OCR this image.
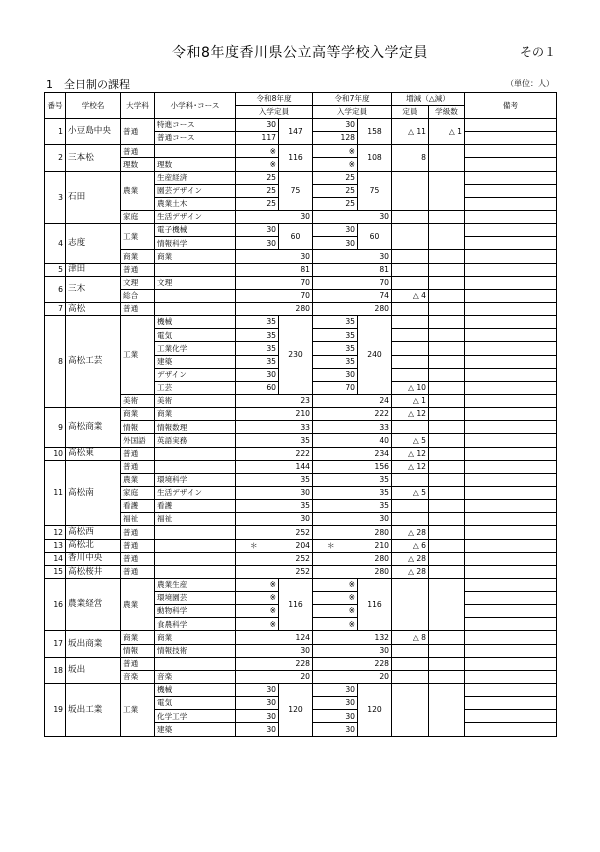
令和8年度香川県公立高等学校入学定員	その１
1　全日制の課程	（単位：人）
番号	学校名	大学科	小学科･コース	令和8年度		令和7年度		増減（△減）		備考
				入学定員		入学定員		定員	学級数	
1	小豆島中央	普通	特進コース	30	147	30	158	△ 11	△ 1	
			普通コース	117		128				
2	三本松	普通		※	116	※	108	8		
		理数	理数	※		※				
3	石田	農業	生産経済	25	75	25	75			
			園芸デザイン	25		25				
			農業土木	25		25				
		家庭	生活デザイン		30		30			
4	志度	工業	電子機械	30	60	30	60			
			情報科学	30		30				
		商業	商業		30		30			
5	津田	普通			81		81			
6	三木	文理	文理		70		70			
		総合			70		74	△ 4		
7	高松	普通			280		280			
8	高松工芸	工業	機械	35	230	35	240			
			電気	35		35				
			工業化学	35		35				
			建築	35		35				
			デザイン	30		30				
			工芸	60		70		△ 10		
		美術	美術		23		24	△ 1		
9	高松商業	商業	商業		210		222	△ 12		
		情報	情報数理		33		33			
		外国語	英語実務		35		40	△ 5		
10	高松東	普通			222		234	△ 12		
11	高松南	普通			144		156	△ 12		
		農業	環境科学		35		35			
		家庭	生活デザイン		30		35	△ 5		
		看護	看護		35		35			
		福祉	福祉		30		30			
12	高松西	普通			252		280	△ 28		
13	高松北	普通		＊	204	＊	210	△ 6		
14	香川中央	普通			252		280	△ 28		
15	高松桜井	普通			252		280	△ 28		
16	農業経営	農業	農業生産	※	116	※	116			
			環境園芸	※		※				
			動物科学	※		※				
			食農科学	※		※				
17	坂出商業	商業	商業		124		132	△ 8		
		情報	情報技術		30		30			
18	坂出	普通			228		228			
		音楽	音楽		20		20			
19	坂出工業	工業	機械	30	120	30	120			
			電気	30		30				
			化学工学	30		30				
			建築	30		30				
